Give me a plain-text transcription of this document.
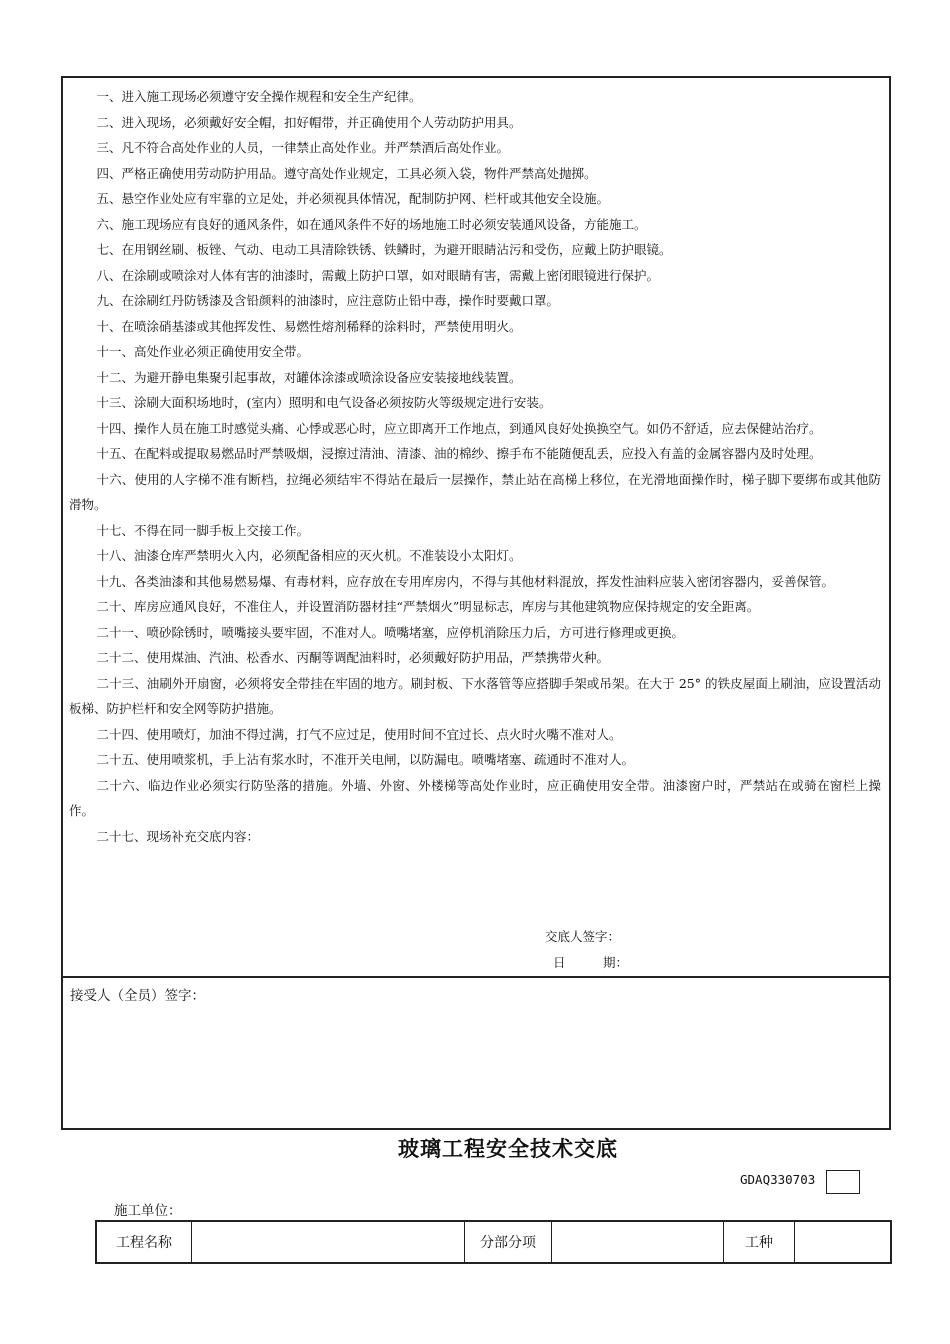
一、进入施工现场必须遵守安全操作规程和安全生产纪律。

二、进入现场，必须戴好安全帽，扣好帽带，并正确使用个人劳动防护用具。

三、凡不符合高处作业的人员，一律禁止高处作业。并严禁酒后高处作业。

四、严格正确使用劳动防护用品。遵守高处作业规定，工具必须入袋，物件严禁高处抛掷。

五、悬空作业处应有牢靠的立足处，并必须视具体情况，配制防护网、栏杆或其他安全设施。

六、施工现场应有良好的通风条件，如在通风条件不好的场地施工时必须安装通风设备，方能施工。

七、在用钢丝刷、板锉、气动、电动工具清除铁锈、铁鳞时，为避开眼睛沾污和受伤，应戴上防护眼镜。

八、在涂刷或喷涂对人体有害的油漆时，需戴上防护口罩，如对眼睛有害，需戴上密闭眼镜进行保护。

九、在涂刷红丹防锈漆及含铅颜料的油漆时，应注意防止铅中毒，操作时要戴口罩。

十、在喷涂硝基漆或其他挥发性、易燃性熔剂稀释的涂料时，严禁使用明火。

十一、高处作业必须正确使用安全带。

十二、为避开静电集聚引起事故，对罐体涂漆或喷涂设备应安装接地线装置。

十三、涂刷大面积场地时，(室内）照明和电气设备必须按防火等级规定进行安装。

十四、操作人员在施工时感觉头痛、心悸或恶心时，应立即离开工作地点，到通风良好处换换空气。如仍不舒适，应去保健站治疗。

十五、在配料或提取易燃品时严禁吸烟，浸擦过清油、清漆、油的棉纱、擦手布不能随便乱丢，应投入有盖的金属容器内及时处理。

十六、使用的人字梯不准有断档，拉绳必须结牢不得站在最后一层操作，禁止站在高梯上移位，在光滑地面操作时，梯子脚下要绑布或其他防滑物。

十七、不得在同一脚手板上交接工作。

十八、油漆仓库严禁明火入内，必须配备相应的灭火机。不准装设小太阳灯。

十九、各类油漆和其他易燃易爆、有毒材料，应存放在专用库房内，不得与其他材料混放，挥发性油料应装入密闭容器内，妥善保管。

二十、库房应通风良好，不准住人，并设置消防器材挂“严禁烟火”明显标志，库房与其他建筑物应保持规定的安全距离。

二十一、喷砂除锈时，喷嘴接头要牢固，不准对人。喷嘴堵塞，应停机消除压力后，方可进行修理或更换。

二十二、使用煤油、汽油、松香水、丙酮等调配油料时，必须戴好防护用品，严禁携带火种。

二十三、油刷外开扇窗，必须将安全带挂在牢固的地方。刷封板、下水落管等应搭脚手架或吊架。在大于 25° 的铁皮屋面上刷油，应设置活动板梯、防护栏杆和安全网等防护措施。

二十四、使用喷灯，加油不得过满，打气不应过足，使用时间不宜过长、点火时火嘴不准对人。

二十五、使用喷浆机，手上沾有浆水时，不准开关电闸，以防漏电。喷嘴堵塞、疏通时不准对人。

二十六、临边作业必须实行防坠落的措施。外墙、外窗、外楼梯等高处作业时，应正确使用安全带。油漆窗户时，严禁站在或骑在窗栏上操作。

二十七、现场补充交底内容：

交底人签字：
日　　　期：
接受人（全员）签字：
玻璃工程安全技术交底
GDAQ330703
施工单位：
工程名称	分部分项	工种
